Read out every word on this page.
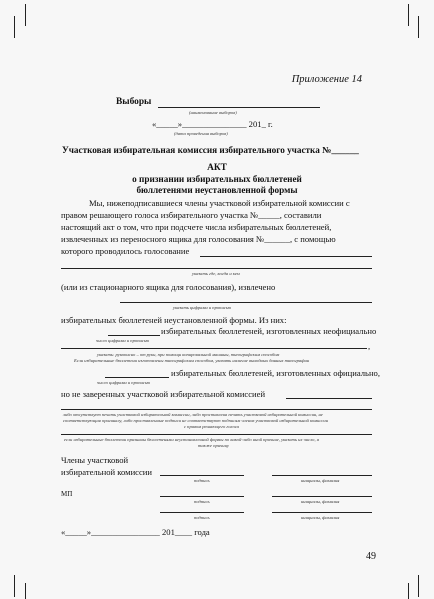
Приложение 14
Выборы
(наименование выборов)
«_____»_______________ 201_ г.
(дата проведения выборов)
Участковая избирательная комиссия избирательного участка №______
АКТ
о признании избирательных бюллетеней
бюллетенями неустановленной формы
Мы, нижеподписавшиеся члены участковой избирательной комиссии с
правом решающего голоса избирательного участка №_____, составили
настоящий акт о том, что при подсчете числа избирательных бюллетеней,
извлеченных из переносного ящика для голосования №______, с помощью
которого проводилось голосование
указать где, когда и кем
(или из стационарного ящика для голосования), извлечено
указать цифрами и прописью
избирательных бюллетеней неустановленной формы. Из них:
избирательных бюллетеней, изготовленных неофициально
число цифрами и прописью
,
указать: рукописно – от руки, при помощи копировальной машины, типографским способом
Если избирательные бюллетени изготовлены типографским способом, указать наличие выходных данных типографии
избирательных бюллетеней, изготовленных официально,
число цифрами и прописью
но не заверенных участковой избирательной комиссией
либо отсутствует печать участковой избирательной комиссии, либо проставлена печать участковой избирательной комиссии, не
соответствующая оригиналу, либо проставленные подписи не соответствуют подписям членов участковой избирательной комиссии
с правом решающего голоса
если избирательные бюллетени признаны бюллетенями неустановленной формы по какой-либо иной причине, указать их число, а
также причину
Члены участковой
избирательной комиссии
подпись	инициалы, фамилия
МП
подпись	инициалы, фамилия
подпись	инициалы, фамилия
«_____»________________ 201____ года
49
